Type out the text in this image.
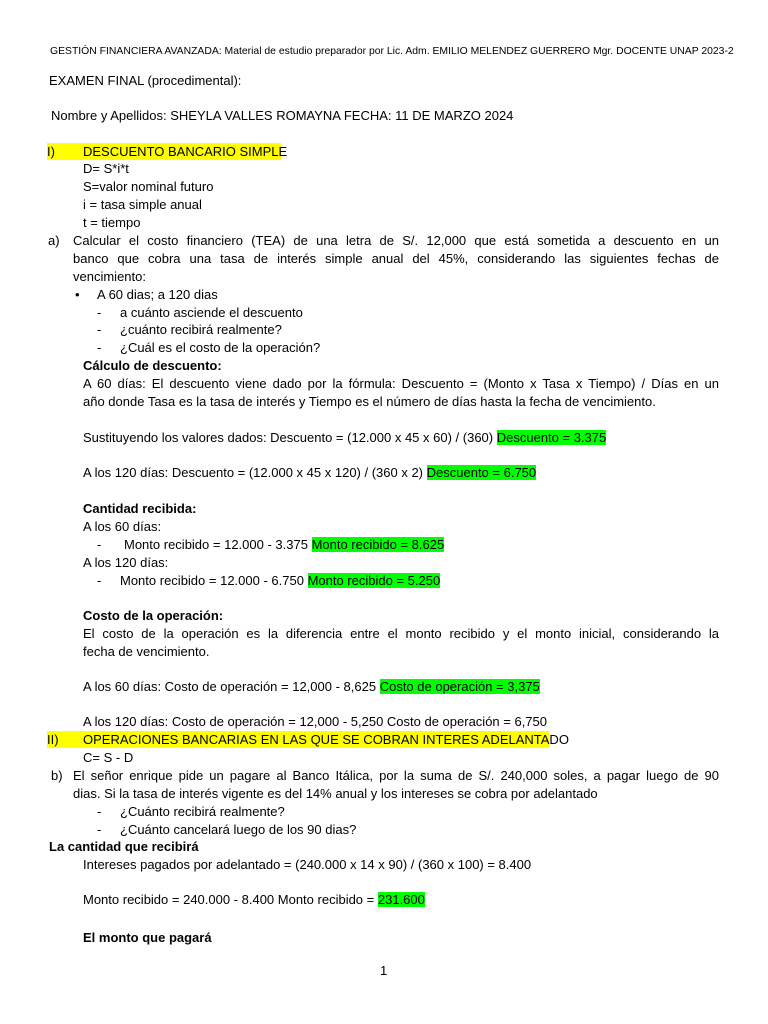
GESTIÓN FINANCIERA AVANZADA: Material de estudio preparador por Lic. Adm. EMILIO MELENDEZ GUERRERO Mgr. DOCENTE UNAP 2023-2
EXAMEN FINAL (procedimental):
Nombre y Apellidos: SHEYLA VALLES ROMAYNA FECHA: 11 DE MARZO 2024
I) DESCUENTO BANCARIO SIMPLE
D= S*i*t
S=valor nominal futuro
i = tasa simple anual
t = tiempo
a) Calcular el costo financiero (TEA) de una letra de S/. 12,000 que está sometida a descuento en un
banco que cobra una tasa de interés simple anual del 45%, considerando las siguientes fechas de
vencimiento:
• A 60 dias; a 120 dias
- a cuánto asciende el descuento
- ¿cuánto recibirá realmente?
- ¿Cuál es el costo de la operación?
Cálculo de descuento:
A 60 días: El descuento viene dado por la fórmula: Descuento = (Monto x Tasa x Tiempo) / Días en un
año donde Tasa es la tasa de interés y Tiempo es el número de días hasta la fecha de vencimiento.
Sustituyendo los valores dados: Descuento = (12.000 x 45 x 60) / (360) Descuento = 3.375
A los 120 días: Descuento = (12.000 x 45 x 120) / (360 x 2) Descuento = 6.750
Cantidad recibida:
A los 60 días:
- Monto recibido = 12.000 - 3.375 Monto recibido = 8.625
A los 120 días:
- Monto recibido = 12.000 - 6.750 Monto recibido = 5.250
Costo de la operación:
El costo de la operación es la diferencia entre el monto recibido y el monto inicial, considerando la
fecha de vencimiento.
A los 60 días: Costo de operación = 12,000 - 8,625 Costo de operación = 3,375
A los 120 días: Costo de operación = 12,000 - 5,250 Costo de operación = 6,750
II) OPERACIONES BANCARIAS EN LAS QUE SE COBRAN INTERES ADELANTADO
C= S - D
b) El señor enrique pide un pagare al Banco Itálica, por la suma de S/. 240,000 soles, a pagar luego de 90
dias. Si la tasa de interés vigente es del 14% anual y los intereses se cobra por adelantado
- ¿Cuánto recibirá realmente?
- ¿Cuánto cancelará luego de los 90 dias?
La cantidad que recibirá
Intereses pagados por adelantado = (240.000 x 14 x 90) / (360 x 100) = 8.400
Monto recibido = 240.000 - 8.400 Monto recibido = 231.600
El monto que pagará
1
